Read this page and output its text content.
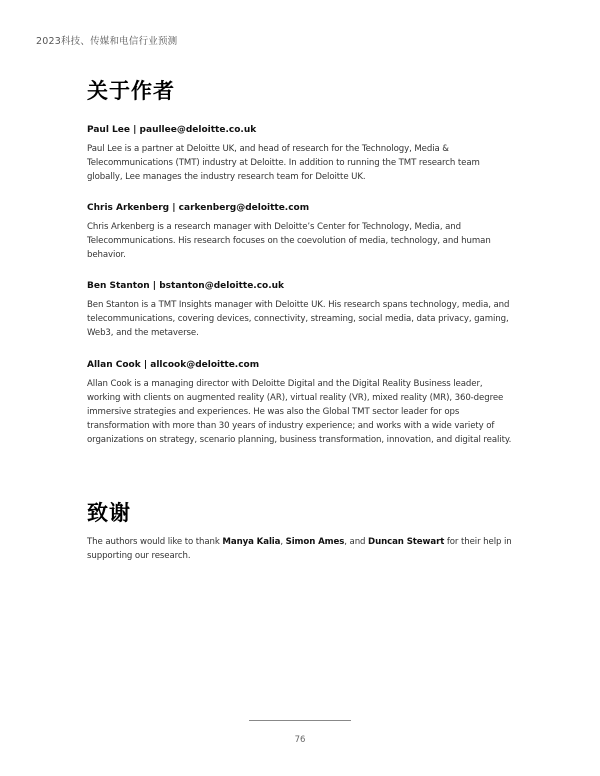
2023科技、传媒和电信行业预测
关于作者

Paul Lee | paullee@deloitte.co.uk

Paul Lee is a partner at Deloitte UK, and head of research for the Technology, Media & Telecommunications (TMT) industry at Deloitte. In addition to running the TMT research team globally, Lee manages the industry research team for Deloitte UK.

Chris Arkenberg | carkenberg@deloitte.com

Chris Arkenberg is a research manager with Deloitte’s Center for Technology, Media, and Telecommunications. His research focuses on the coevolution of media, technology, and human behavior.

Ben Stanton | bstanton@deloitte.co.uk

Ben Stanton is a TMT Insights manager with Deloitte UK. His research spans technology, media, and telecommunications, covering devices, connectivity, streaming, social media, data privacy, gaming, Web3, and the metaverse.

Allan Cook | allcook@deloitte.com

Allan Cook is a managing director with Deloitte Digital and the Digital Reality Business leader, working with clients on augmented reality (AR), virtual reality (VR), mixed reality (MR), 360-degree immersive strategies and experiences. He was also the Global TMT sector leader for ops transformation with more than 30 years of industry experience; and works with a wide variety of organizations on strategy, scenario planning, business transformation, innovation, and digital reality.

致谢

The authors would like to thank Manya Kalia, Simon Ames, and Duncan Stewart for their help in supporting our research.

76
